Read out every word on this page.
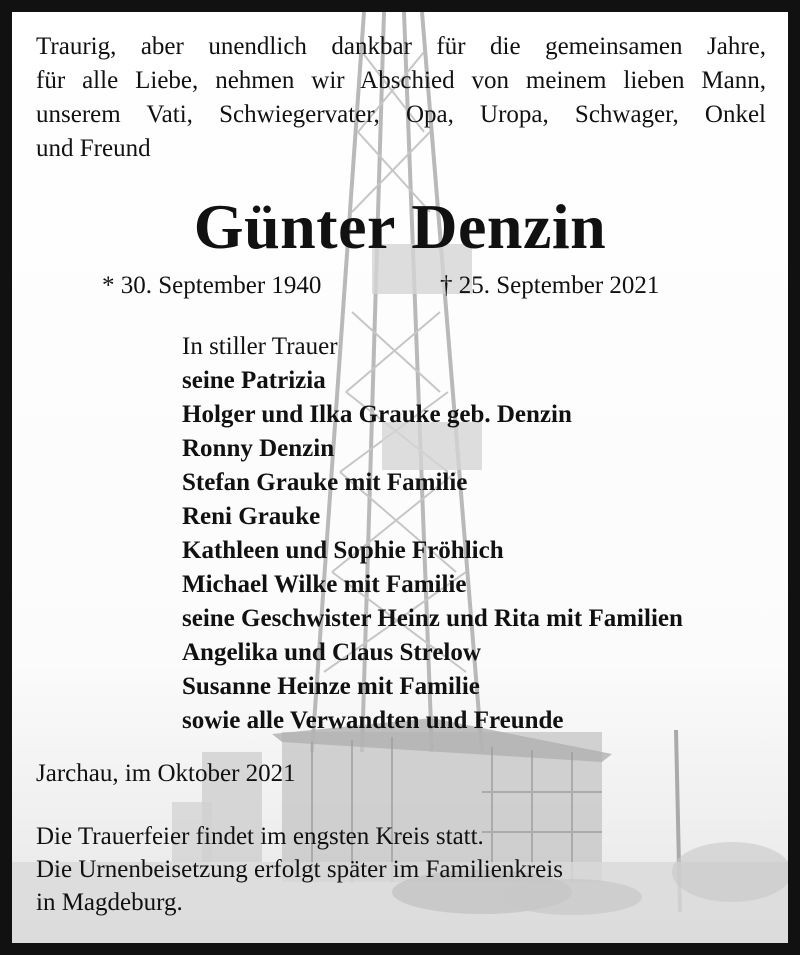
Traurig, aber unendlich dankbar für die gemeinsamen Jahre,
für alle Liebe, nehmen wir Abschied von meinem lieben Mann,
unserem Vati, Schwiegervater, Opa, Uropa, Schwager, Onkel
und Freund
Günter Denzin
* 30. September 1940	† 25. September 2021
In stiller Trauer
seine Patrizia
Holger und Ilka Grauke geb. Denzin
Ronny Denzin
Stefan Grauke mit Familie
Reni Grauke
Kathleen und Sophie Fröhlich
Michael Wilke mit Familie
seine Geschwister Heinz und Rita mit Familien
Angelika und Claus Strelow
Susanne Heinze mit Familie
sowie alle Verwandten und Freunde
Jarchau, im Oktober 2021
Die Trauerfeier findet im engsten Kreis statt.
Die Urnenbeisetzung erfolgt später im Familienkreis
in Magdeburg.
